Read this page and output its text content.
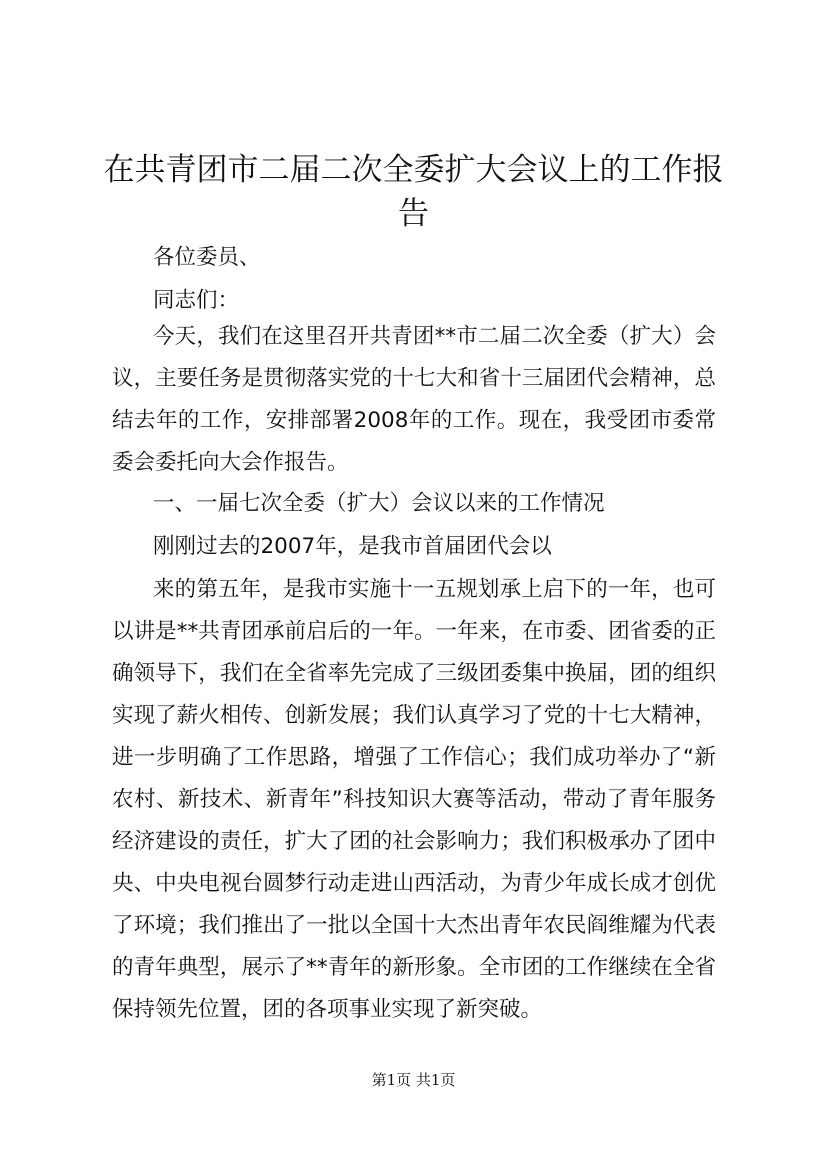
在共青团市二届二次全委扩大会议上的工作报
告
各位委员、
同志们：
今天，我们在这里召开共青团**市二届二次全委（扩大）会
议，主要任务是贯彻落实党的十七大和省十三届团代会精神，总
结去年的工作，安排部署2008年的工作。现在，我受团市委常
委会委托向大会作报告。
一、一届七次全委（扩大）会议以来的工作情况
刚刚过去的2007年，是我市首届团代会以
来的第五年，是我市实施十一五规划承上启下的一年，也可
以讲是**共青团承前启后的一年。一年来，在市委、团省委的正
确领导下，我们在全省率先完成了三级团委集中换届，团的组织
实现了薪火相传、创新发展；我们认真学习了党的十七大精神，
进一步明确了工作思路，增强了工作信心；我们成功举办了“新
农村、新技术、新青年”科技知识大赛等活动，带动了青年服务
经济建设的责任，扩大了团的社会影响力；我们积极承办了团中
央、中央电视台圆梦行动走进山西活动，为青少年成长成才创优
了环境；我们推出了一批以全国十大杰出青年农民阎维耀为代表
的青年典型，展示了**青年的新形象。全市团的工作继续在全省
保持领先位置，团的各项事业实现了新突破。
第1页 共1页
